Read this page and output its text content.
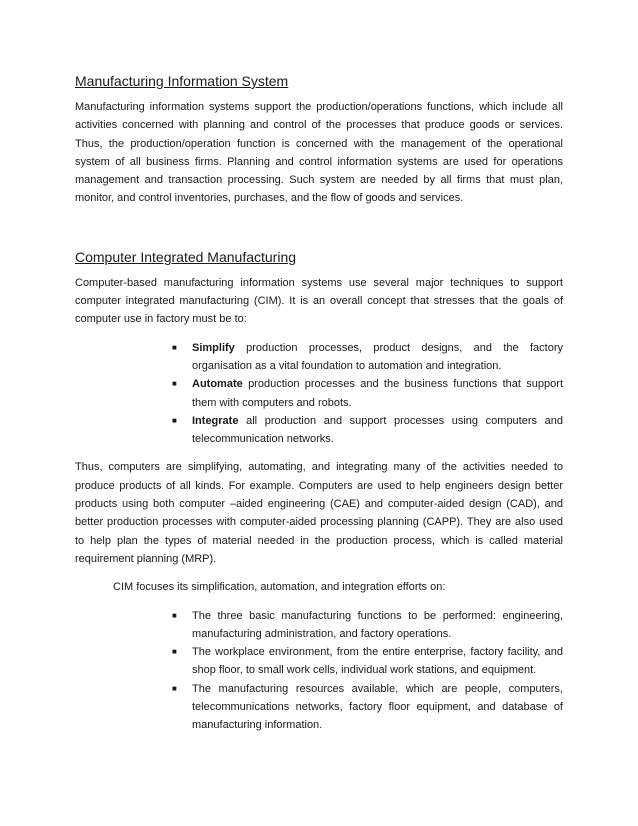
Manufacturing Information System

Manufacturing information systems support the production/operations functions, which include all activities concerned with planning and control of the processes that produce goods or services. Thus, the production/operation function is concerned with the management of the operational system of all business firms. Planning and control information systems are used for operations management and transaction processing. Such system are needed by all firms that must plan, monitor, and control inventories, purchases, and the flow of goods and services.

Computer Integrated Manufacturing

Computer-based manufacturing information systems use several major techniques to support computer integrated manufacturing (CIM). It is an overall concept that stresses that the goals of computer use in factory must be to:

■ Simplify production processes, product designs, and the factory organisation as a vital foundation to automation and integration.
■ Automate production processes and the business functions that support them with computers and robots.
■ Integrate all production and support processes using computers and telecommunication networks.

Thus, computers are simplifying, automating, and integrating many of the activities needed to produce products of all kinds. For example. Computers are used to help engineers design better products using both computer –aided engineering (CAE) and computer-aided design (CAD), and better production processes with computer-aided processing planning (CAPP). They are also used to help plan the types of material needed in the production process, which is called material requirement planning (MRP).

CIM focuses its simplification, automation, and integration efforts on:

■ The three basic manufacturing functions to be performed: engineering, manufacturing administration, and factory operations.
■ The workplace environment, from the entire enterprise, factory facility, and shop floor, to small work cells, individual work stations, and equipment.
■ The manufacturing resources available, which are people, computers, telecommunications networks, factory floor equipment, and database of manufacturing information.
